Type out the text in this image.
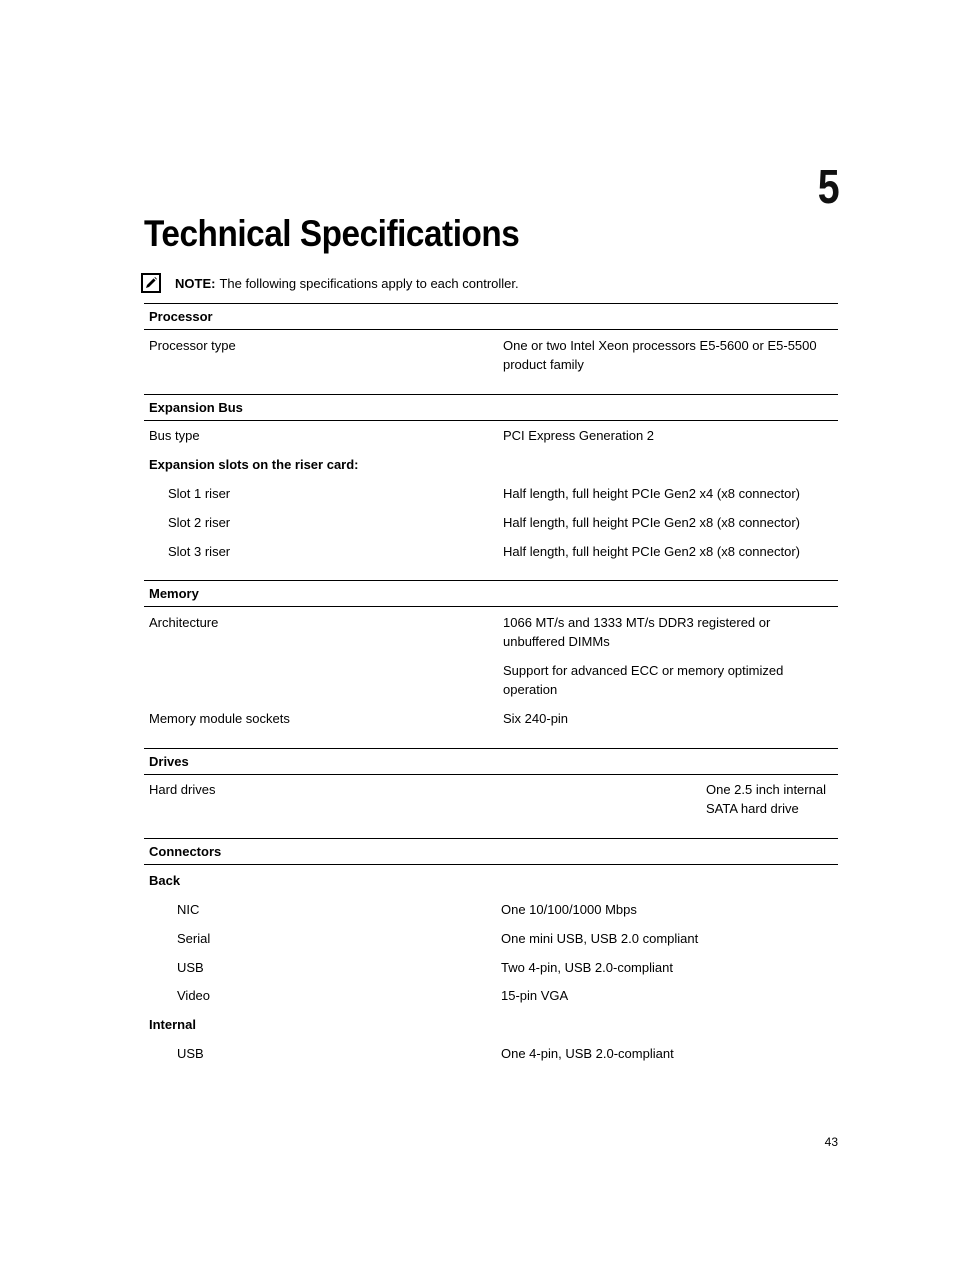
5
Technical Specifications
NOTE: The following specifications apply to each controller.
Processor
Processor type	One or two Intel Xeon processors E5-5600 or E5-5500 product family
Expansion Bus
Bus type	PCI Express Generation 2
Expansion slots on the riser card:
Slot 1 riser	Half length, full height PCIe Gen2 x4 (x8 connector)
Slot 2 riser	Half length, full height PCIe Gen2 x8 (x8 connector)
Slot 3 riser	Half length, full height PCIe Gen2 x8 (x8 connector)
Memory
Architecture	1066 MT/s and 1333 MT/s DDR3 registered or unbuffered DIMMs
Support for advanced ECC or memory optimized operation
Memory module sockets	Six 240-pin
Drives
Hard drives	One 2.5 inch internal SATA hard drive
Connectors
Back
NIC	One 10/100/1000 Mbps
Serial	One mini USB, USB 2.0 compliant
USB	Two 4-pin, USB 2.0-compliant
Video	15-pin VGA
Internal
USB	One 4-pin, USB 2.0-compliant
43
